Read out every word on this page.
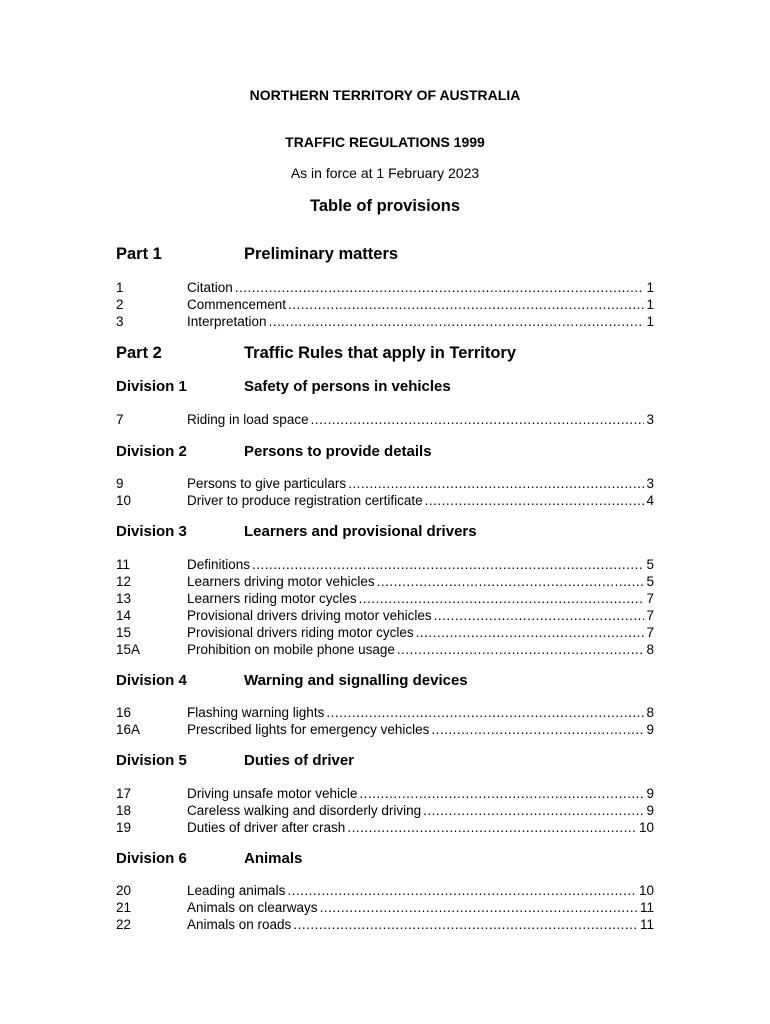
NORTHERN TERRITORY OF AUSTRALIA
TRAFFIC REGULATIONS 1999
As in force at 1 February 2023
Table of provisions
Part 1	Preliminary matters
1	Citation .....	1
2	Commencement .....	1
3	Interpretation .....	1
Part 2	Traffic Rules that apply in Territory
Division 1	Safety of persons in vehicles
7	Riding in load space .....	3
Division 2	Persons to provide details
9	Persons to give particulars .....	3
10	Driver to produce registration certificate .....	4
Division 3	Learners and provisional drivers
11	Definitions .....	5
12	Learners driving motor vehicles .....	5
13	Learners riding motor cycles .....	7
14	Provisional drivers driving motor vehicles .....	7
15	Provisional drivers riding motor cycles .....	7
15A	Prohibition on mobile phone usage .....	8
Division 4	Warning and signalling devices
16	Flashing warning lights .....	8
16A	Prescribed lights for emergency vehicles .....	9
Division 5	Duties of driver
17	Driving unsafe motor vehicle .....	9
18	Careless walking and disorderly driving .....	9
19	Duties of driver after crash .....	10
Division 6	Animals
20	Leading animals .....	10
21	Animals on clearways .....	11
22	Animals on roads .....	11
